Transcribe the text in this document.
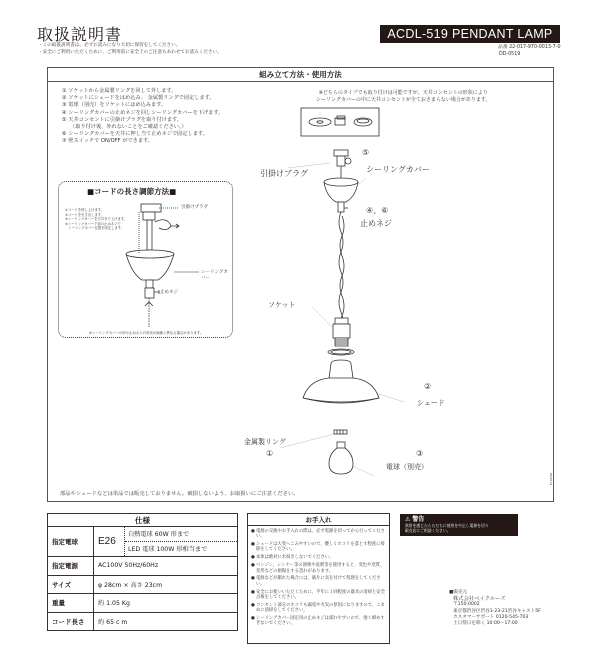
取扱説明書
・この取扱説明書は、必ずお読みになり大切に保管をしてください。
・安全にご利用いただくために、ご利用前に安全上のご注意もあわせてお読みください。
ACDL-519 PENDANT LAMP
品番 22-017-970-0013-7-0
DD-0519
組み立て方法・使用方法
① ソケットから金属製リングを回して外します。
② ソケットにシェードをはめ込み、 金属製リングで固定します。
③ 電球（別売）をソケットにはめ込みます。
④ シーリングカバーの止めネジを回しシーリングカバーを下げます。
⑤ 天井コンセントに引掛けプラグを取り付けます。
（取り付け後、外れないことをご確認ください。）
⑥ シーリングカバーを天井に押し当て止めネジで固定します。
⑦ 壁スイッチで ON/OFF ができます。
※どちらのタイプでも取り付けは可能ですが、天井コンセントの形状により
シーリングカバーの中に天井コンセントが全ておさまらない場合があります。
■コードの長さ調節方法■
①コードを押し上げます。
②コードを引き出します。
③シーリングカバーを天井まで上げます。
④シーリングカバー下部の止めネジで
　シーリングカバー位置を固定します。
引掛けプラグ
シーリングカバー
止めネジ
※シーリングカバーの形や止めネジの形状が画像と異なる場合があります。
⑤
引掛けプラグ	シーリングカバー
④、⑥
止めネジ
ソケット
②
シェード
金属製リング
①	③
電球（別売）
部品やシェードなどは単品では販売しておりません。破損しないよう、お取扱いにご注意ください。
DD0519
仕様	
指定電球	E26
白熱電球 60W 形まで
LED 電球 100W 形相当まで

指定電源	AC100V 50Hz/60Hz
サイズ	φ 28cm × 高さ 23cm
重量	約 1.05 Kg
コード長さ	約 65 c m
お手入れ
● 電源の交換やお手入れの際は、必ず電源を切ってから行ってください。
● シェードは大変へこみやすいので、優しくホコリを落とす程度に掃除をしてください。
● 本体は絶対に水拭きしないでください。
● ベンジン、シンナー等の溶剤や洗剤等を使用すると、変色や変質、変形などの損傷をする恐れがあります。
● 電源などが劇れた場合には、破片に気を付けて処理をしてください。
● 安全にお使いいただくために、半年に１回程度の器具の清掃と安全点検をしてください。
● コンセント部分のホコリも漏電や火災の原因になりますので、こまめに清掃をしてください。
● シーリングカバー固定用の止めネジは濡れやすいので、強く締めすぎないでください。
⚠ 警告
異常を感じたらただちに使用を中止し電源を切り
販売店にご相談ください。
■販売元
株式会社ベイクルーズ
〒150-0002
東京都渋谷区渋谷1-23-21渋谷キャスト5F
カスタマーサポート 0120-545-703
土日祭日を除く 10:00〜17:00
